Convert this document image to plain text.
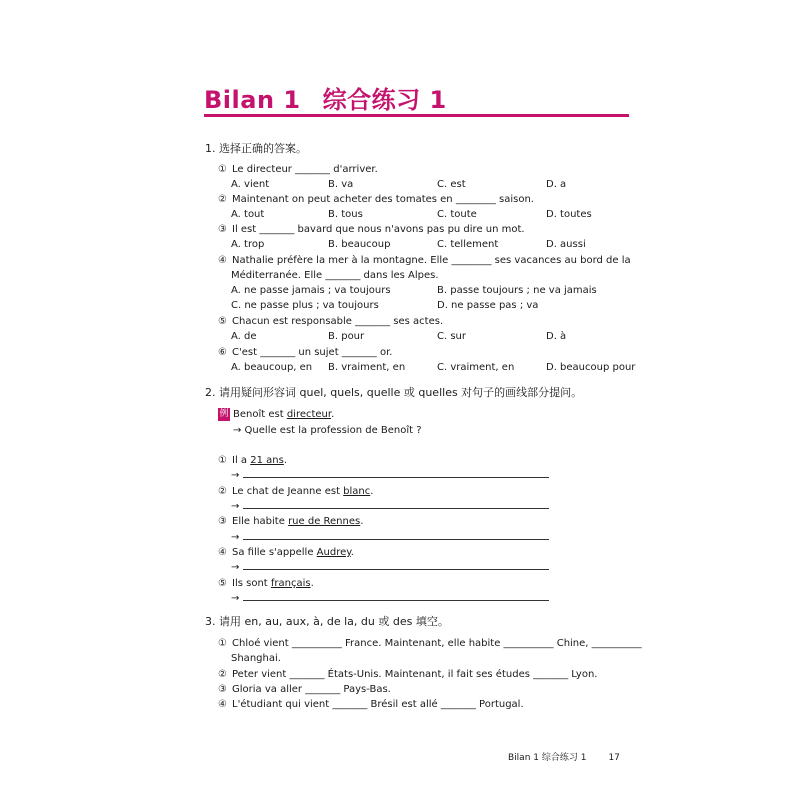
Bilan 1 综合练习 1
1. 选择正确的答案。
① Le directeur _______ d'arriver.
A. vient	B. va	C. est	D. a
② Maintenant on peut acheter des tomates en ________ saison.
A. tout	B. tous	C. toute	D. toutes
③ Il est _______ bavard que nous n'avons pas pu dire un mot.
A. trop	B. beaucoup	C. tellement	D. aussi
④ Nathalie préfère la mer à la montagne. Elle ________ ses vacances au bord de la
Méditerranée. Elle _______ dans les Alpes.
A. ne passe jamais ; va toujours	B. passe toujours ; ne va jamais
C. ne passe plus ; va toujours	D. ne passe pas ; va
⑤ Chacun est responsable _______ ses actes.
A. de	B. pour	C. sur	D. à
⑥ C'est _______ un sujet _______ or.
A. beaucoup, en B. vraiment, en	C. vraiment, en	D. beaucoup pour
2. 请用疑问形容词 quel, quels, quelle 或 quelles 对句子的画线部分提问。
例 Benoît est directeur.
→ Quelle est la profession de Benoît ?
① Il a 21 ans.
→
② Le chat de Jeanne est blanc.
→
③ Elle habite rue de Rennes.
→
④ Sa fille s'appelle Audrey.
→
⑤ Ils sont français.
→
3. 请用 en, au, aux, à, de la, du 或 des 填空。
① Chloé vient __________ France. Maintenant, elle habite __________ Chine, __________
Shanghai.
② Peter vient _______ États-Unis. Maintenant, il fait ses études _______ Lyon.
③ Gloria va aller _______ Pays-Bas.
④ L'étudiant qui vient _______ Brésil est allé _______ Portugal.
Bilan 1 综合练习 1 17
